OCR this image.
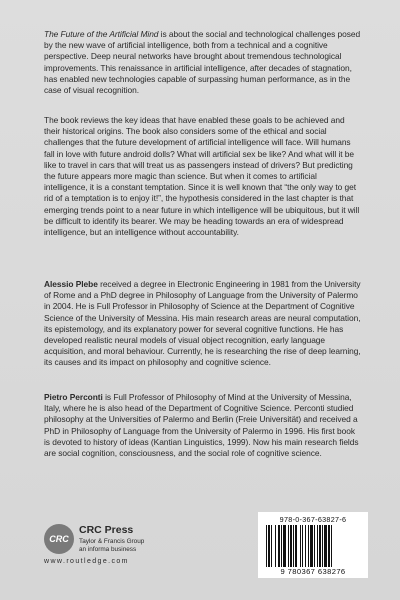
The Future of the Artificial Mind is about the social and technological challenges posed by the new wave of artificial intelligence, both from a technical and a cognitive perspective. Deep neural networks have brought about tremendous technological improvements. This renaissance in artificial intelligence, after decades of stagnation, has enabled new technologies capable of surpassing human performance, as in the case of visual recognition.

The book reviews the key ideas that have enabled these goals to be achieved and their historical origins. The book also considers some of the ethical and social challenges that the future development of artificial intelligence will face. Will humans fall in love with future android dolls? What will artificial sex be like? And what will it be like to travel in cars that will treat us as passengers instead of drivers? But predicting the future appears more magic than science. But when it comes to artificial intelligence, it is a constant temptation. Since it is well known that “the only way to get rid of a temptation is to enjoy it!”, the hypothesis considered in the last chapter is that emerging trends point to a near future in which intelligence will be ubiquitous, but it will be difficult to identify its bearer. We may be heading towards an era of widespread intelligence, but an intelligence without accountability.

Alessio Plebe received a degree in Electronic Engineering in 1981 from the University of Rome and a PhD degree in Philosophy of Language from the University of Palermo in 2004. He is Full Professor in Philosophy of Science at the Department of Cognitive Science of the University of Messina. His main research areas are neural computation, its epistemology, and its explanatory power for several cognitive functions. He has developed realistic neural models of visual object recognition, early language acquisition, and moral behaviour. Currently, he is researching the rise of deep learning, its causes and its impact on philosophy and cognitive science.

Pietro Perconti is Full Professor of Philosophy of Mind at the University of Messina, Italy, where he is also head of the Department of Cognitive Science. Perconti studied philosophy at the Universities of Palermo and Berlin (Freie Universität) and received a PhD in Philosophy of Language from the University of Palermo in 1996. His first book is devoted to history of ideas (Kantian Linguistics, 1999). Now his main research fields are social cognition, consciousness, and the social role of cognitive science.

CRC
CRC Press
Taylor & Francis Group
an informa business
www.routledge.com
978-0-367-63827-6
9 780367 638276
